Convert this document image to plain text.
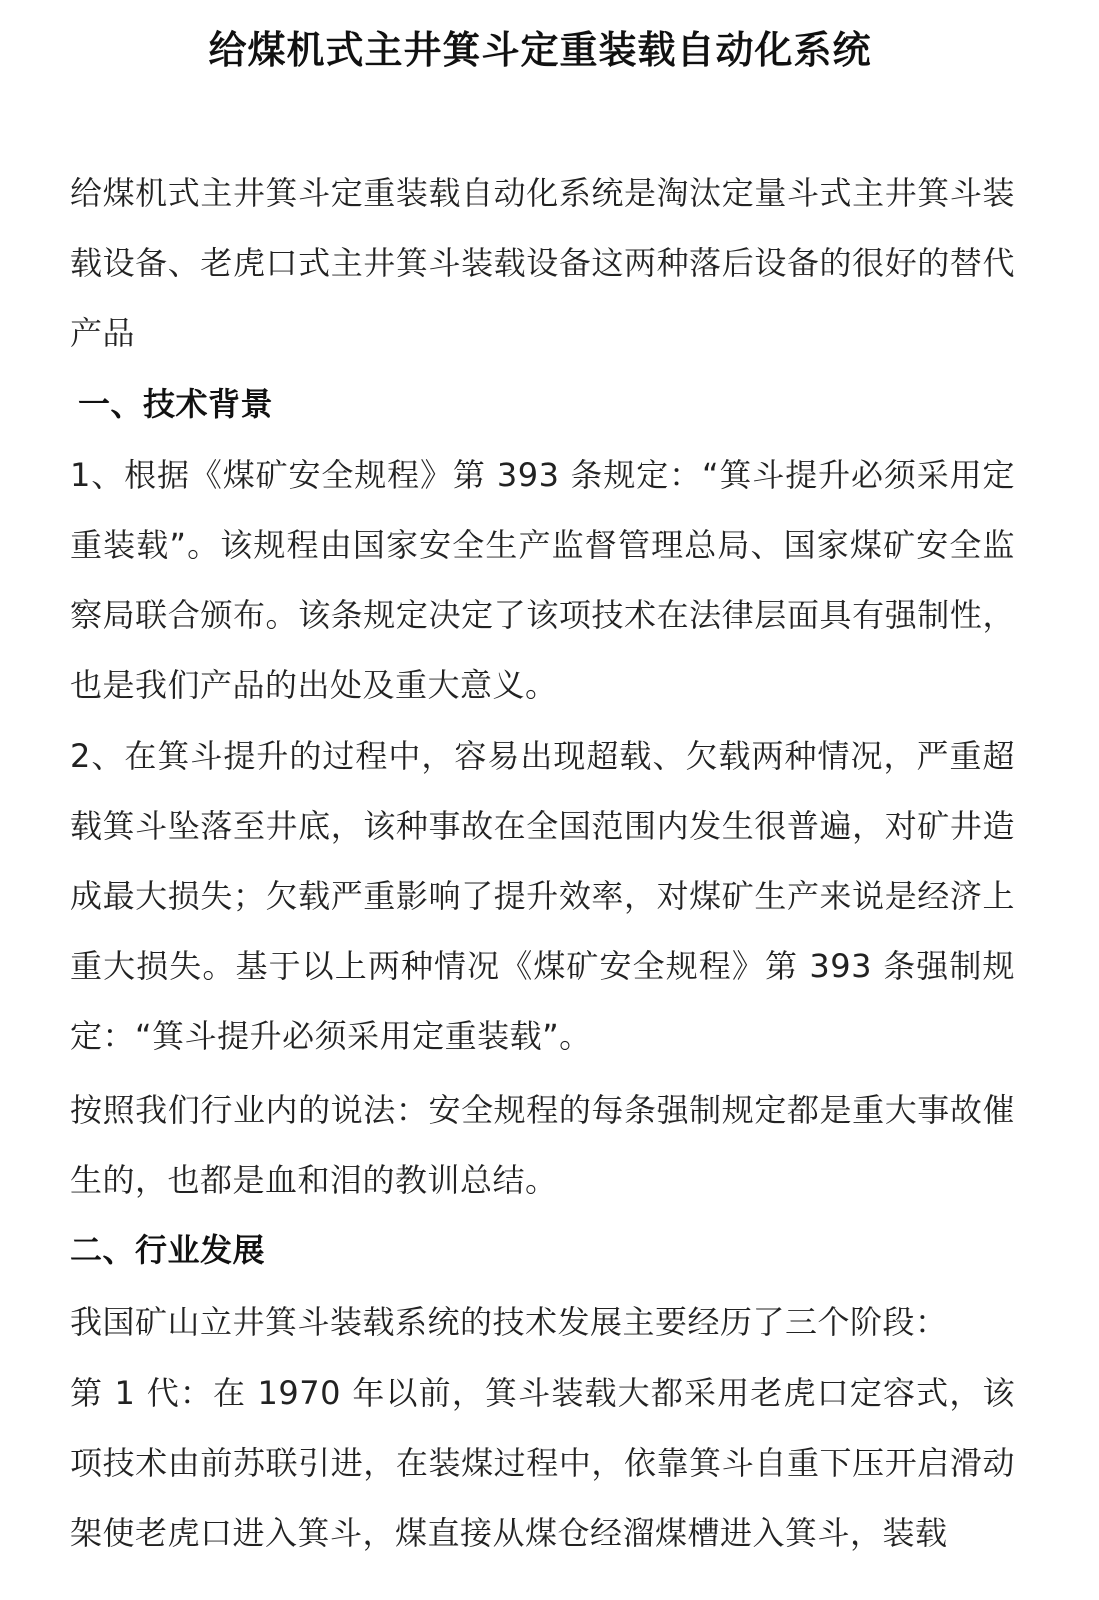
给煤机式主井箕斗定重装载自动化系统
给煤机式主井箕斗定重装载自动化系统是淘汰定量斗式主井箕斗装载设备、老虎口式主井箕斗装载设备这两种落后设备的很好的替代产品
一、技术背景
1、根据《煤矿安全规程》第 393 条规定：“箕斗提升必须采用定重装载”。该规程由国家安全生产监督管理总局、国家煤矿安全监察局联合颁布。该条规定决定了该项技术在法律层面具有强制性，也是我们产品的出处及重大意义。
2、在箕斗提升的过程中，容易出现超载、欠载两种情况，严重超载箕斗坠落至井底，该种事故在全国范围内发生很普遍，对矿井造成最大损失；欠载严重影响了提升效率，对煤矿生产来说是经济上重大损失。基于以上两种情况《煤矿安全规程》第 393 条强制规定：“箕斗提升必须采用定重装载”。
按照我们行业内的说法：安全规程的每条强制规定都是重大事故催生的，也都是血和泪的教训总结。
二、行业发展
我国矿山立井箕斗装载系统的技术发展主要经历了三个阶段：
第 1 代：在 1970 年以前，箕斗装载大都采用老虎口定容式，该项技术由前苏联引进，在装煤过程中，依靠箕斗自重下压开启滑动架使老虎口进入箕斗，煤直接从煤仓经溜煤槽进入箕斗，装载
